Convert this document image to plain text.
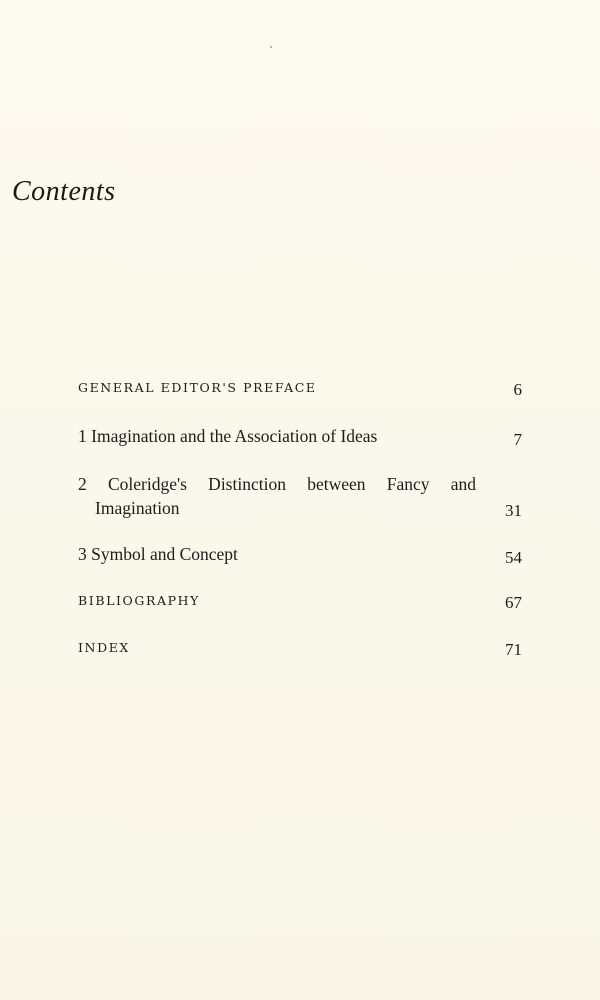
Contents
GENERAL EDITOR'S PREFACE	6
1 Imagination and the Association of Ideas	7
2 Coleridge's Distinction between Fancy and
Imagination	31
3 Symbol and Concept	54
BIBLIOGRAPHY	67
INDEX	71
